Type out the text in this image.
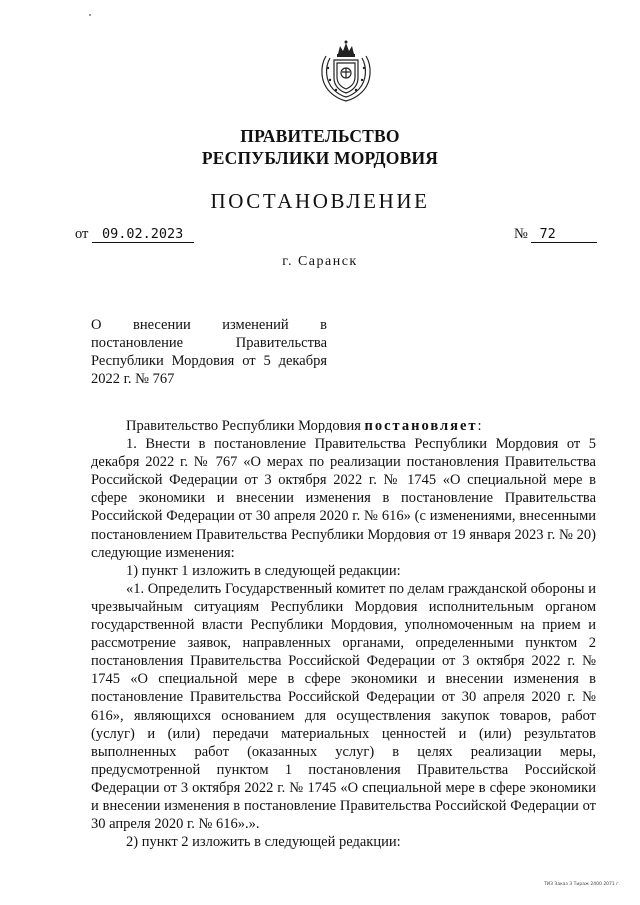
ПРАВИТЕЛЬСТВО
РЕСПУБЛИКИ МОРДОВИЯ
ПОСТАНОВЛЕНИЕ
от 09.02.2023	№ 72
г. Саранск
О внесении изменений в постановление Правительства Республики Мордовия от 5 декабря 2022 г. № 767

Правительство Республики Мордовия постановляет:

1. Внести в постановление Правительства Республики Мордовия от 5 декабря 2022 г. № 767 «О мерах по реализации постановления Правительства Российской Федерации от 3 октября 2022 г. № 1745 «О специальной мере в сфере экономики и внесении изменения в постановление Правительства Российской Федерации от 30 апреля 2020 г. № 616» (с изменениями, внесенными постановлением Правительства Республики Мордовия от 19 января 2023 г. № 20) следующие изменения:

1) пункт 1 изложить в следующей редакции:

«1. Определить Государственный комитет по делам гражданской обороны и чрезвычайным ситуациям Республики Мордовия исполнительным органом государственной власти Республики Мордовия, уполномоченным на прием и рассмотрение заявок, направленных органами, определенными пунктом 2 постановления Правительства Российской Федерации от 3 октября 2022 г. № 1745 «О специальной мере в сфере экономики и внесении изменения в постановление Правительства Российской Федерации от 30 апреля 2020 г. № 616», являющихся основанием для осуществления закупок товаров, работ (услуг) и (или) передачи материальных ценностей и (или) результатов выполненных работ (оказанных услуг) в целях реализации меры, предусмотренной пунктом 1 постановления Правительства Российской Федерации от 3 октября 2022 г. № 1745 «О специальной мере в сфере экономики и внесении изменения в постановление Правительства Российской Федерации от 30 апреля 2020 г. № 616».».

2) пункт 2 изложить в следующей редакции:

ТИЗ Заказ 3 Тираж 2400 2071 г.
